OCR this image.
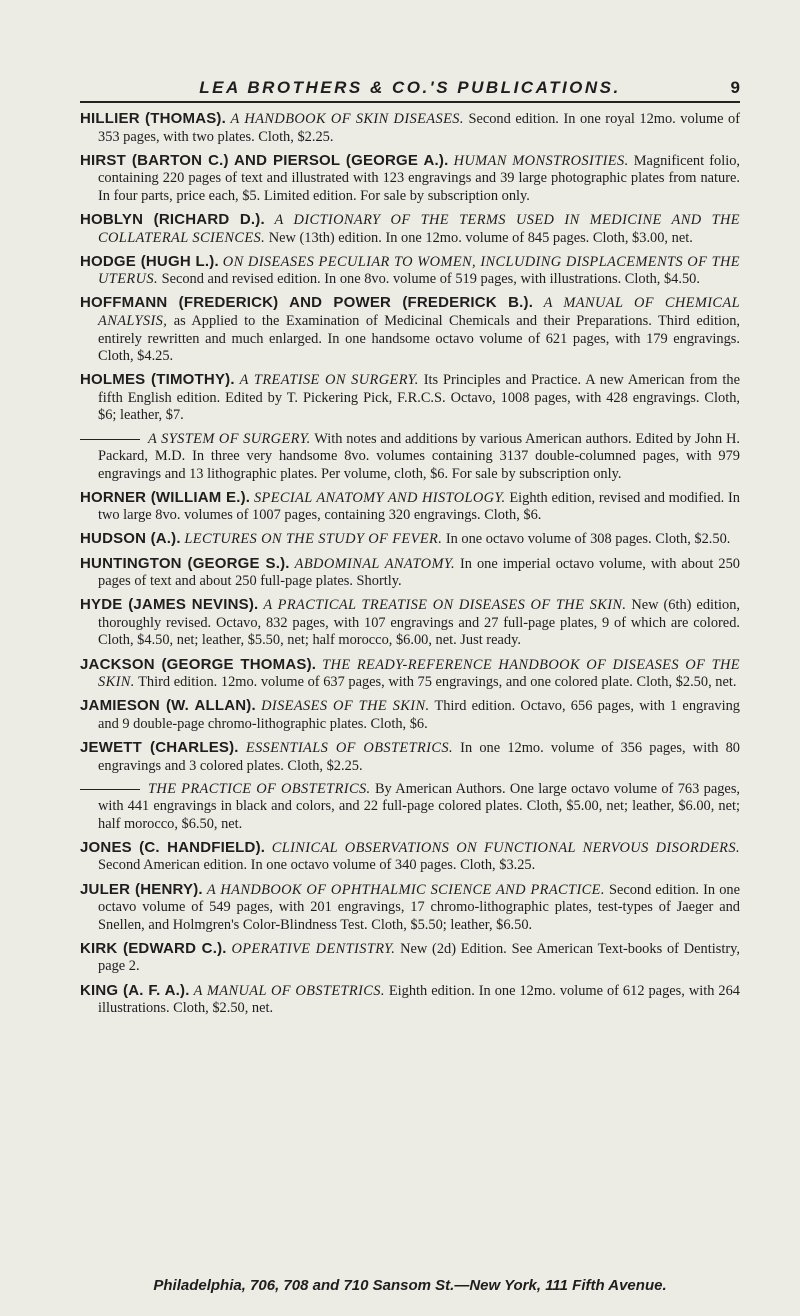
LEA BROTHERS & CO.'S PUBLICATIONS.	9

HILLIER (THOMAS). A HANDBOOK OF SKIN DISEASES. Second edition. In one royal 12mo. volume of 353 pages, with two plates. Cloth, $2.25.

HIRST (BARTON C.) AND PIERSOL (GEORGE A.). HUMAN MONSTROSITIES. Magnificent folio, containing 220 pages of text and illustrated with 123 engravings and 39 large photographic plates from nature. In four parts, price each, $5. Limited edition. For sale by subscription only.

HOBLYN (RICHARD D.). A DICTIONARY OF THE TERMS USED IN MEDICINE AND THE COLLATERAL SCIENCES. New (13th) edition. In one 12mo. volume of 845 pages. Cloth, $3.00, net.

HODGE (HUGH L.). ON DISEASES PECULIAR TO WOMEN, INCLUDING DISPLACEMENTS OF THE UTERUS. Second and revised edition. In one 8vo. volume of 519 pages, with illustrations. Cloth, $4.50.

HOFFMANN (FREDERICK) AND POWER (FREDERICK B.). A MANUAL OF CHEMICAL ANALYSIS, as Applied to the Examination of Medicinal Chemicals and their Preparations. Third edition, entirely rewritten and much enlarged. In one handsome octavo volume of 621 pages, with 179 engravings. Cloth, $4.25.

HOLMES (TIMOTHY). A TREATISE ON SURGERY. Its Principles and Practice. A new American from the fifth English edition. Edited by T. Pickering Pick, F.R.C.S. Octavo, 1008 pages, with 428 engravings. Cloth, $6; leather, $7.

A SYSTEM OF SURGERY. With notes and additions by various American authors. Edited by John H. Packard, M.D. In three very handsome 8vo. volumes containing 3137 double-columned pages, with 979 engravings and 13 lithographic plates. Per volume, cloth, $6. For sale by subscription only.

HORNER (WILLIAM E.). SPECIAL ANATOMY AND HISTOLOGY. Eighth edition, revised and modified. In two large 8vo. volumes of 1007 pages, containing 320 engravings. Cloth, $6.

HUDSON (A.). LECTURES ON THE STUDY OF FEVER. In one octavo volume of 308 pages. Cloth, $2.50.

HUNTINGTON (GEORGE S.). ABDOMINAL ANATOMY. In one imperial octavo volume, with about 250 pages of text and about 250 full-page plates. Shortly.

HYDE (JAMES NEVINS). A PRACTICAL TREATISE ON DISEASES OF THE SKIN. New (6th) edition, thoroughly revised. Octavo, 832 pages, with 107 engravings and 27 full-page plates, 9 of which are colored. Cloth, $4.50, net; leather, $5.50, net; half morocco, $6.00, net. Just ready.

JACKSON (GEORGE THOMAS). THE READY-REFERENCE HANDBOOK OF DISEASES OF THE SKIN. Third edition. 12mo. volume of 637 pages, with 75 engravings, and one colored plate. Cloth, $2.50, net.

JAMIESON (W. ALLAN). DISEASES OF THE SKIN. Third edition. Octavo, 656 pages, with 1 engraving and 9 double-page chromo-lithographic plates. Cloth, $6.

JEWETT (CHARLES). ESSENTIALS OF OBSTETRICS. In one 12mo. volume of 356 pages, with 80 engravings and 3 colored plates. Cloth, $2.25.

THE PRACTICE OF OBSTETRICS. By American Authors. One large octavo volume of 763 pages, with 441 engravings in black and colors, and 22 full-page colored plates. Cloth, $5.00, net; leather, $6.00, net; half morocco, $6.50, net.

JONES (C. HANDFIELD). CLINICAL OBSERVATIONS ON FUNCTIONAL NERVOUS DISORDERS. Second American edition. In one octavo volume of 340 pages. Cloth, $3.25.

JULER (HENRY). A HANDBOOK OF OPHTHALMIC SCIENCE AND PRACTICE. Second edition. In one octavo volume of 549 pages, with 201 engravings, 17 chromo-lithographic plates, test-types of Jaeger and Snellen, and Holmgren's Color-Blindness Test. Cloth, $5.50; leather, $6.50.

KIRK (EDWARD C.). OPERATIVE DENTISTRY. New (2d) Edition. See American Text-books of Dentistry, page 2.

KING (A. F. A.). A MANUAL OF OBSTETRICS. Eighth edition. In one 12mo. volume of 612 pages, with 264 illustrations. Cloth, $2.50, net.

Philadelphia, 706, 708 and 710 Sansom St.—New York, 111 Fifth Avenue.
